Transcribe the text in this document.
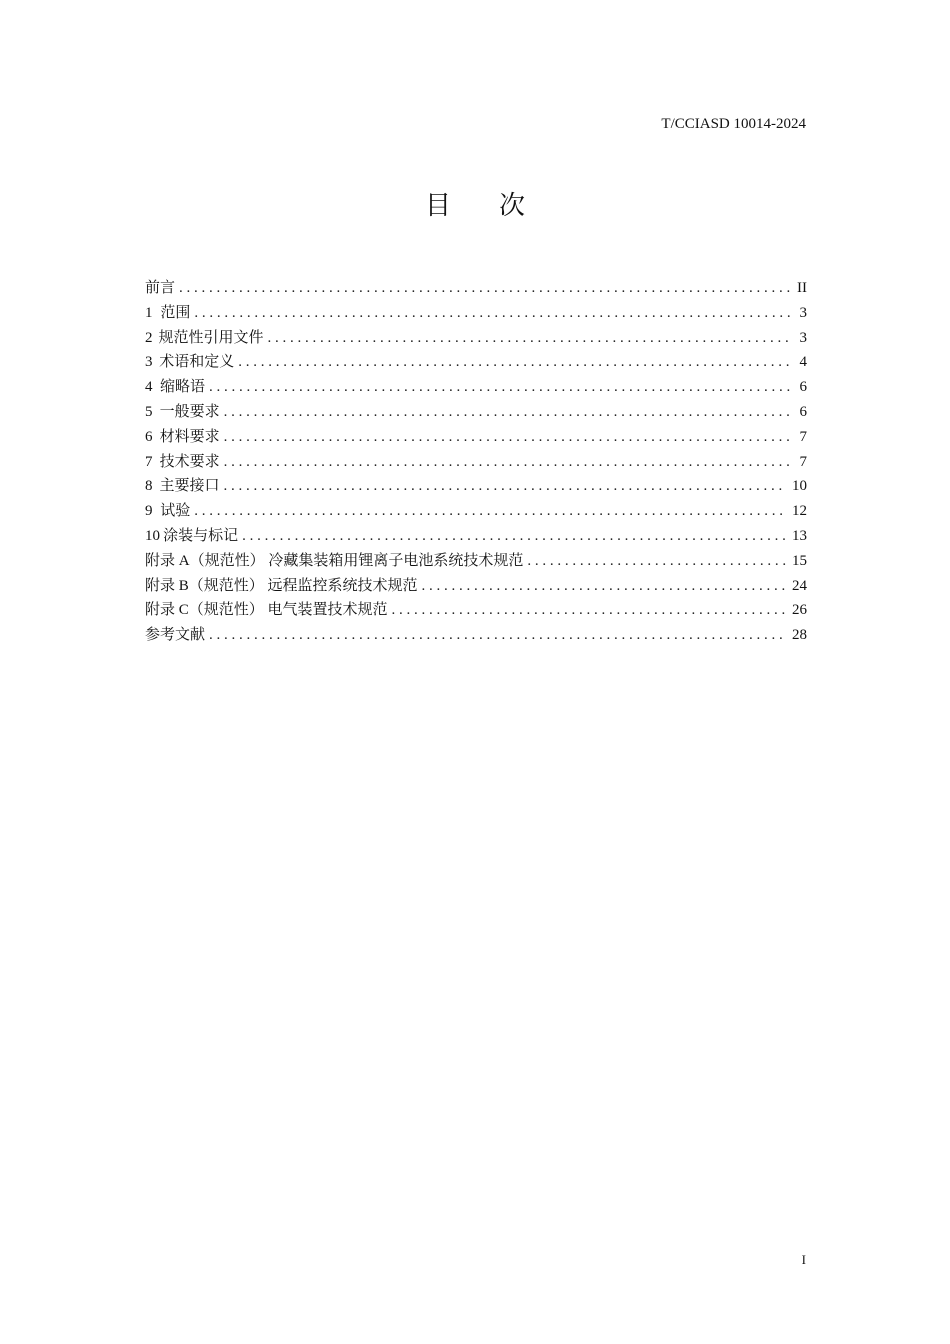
T/CCIASD 10014-2024
目 次
前言 . . .	II
1 范围 . . .	3
2 规范性引用文件 . . .	3
3 术语和定义 . . .	4
4 缩略语 . . .	6
5 一般要求 . . .	6
6 材料要求 . . .	7
7 技术要求 . . .	7
8 主要接口 . . .	10
9 试验 . . .	12
10 涂装与标记 . . .	13
附录 A（规范性） 冷藏集装箱用锂离子电池系统技术规范 . . .	15
附录 B（规范性） 远程监控系统技术规范 . . .	24
附录 C（规范性） 电气装置技术规范 . . .	26
参考文献 . . .	28
I
